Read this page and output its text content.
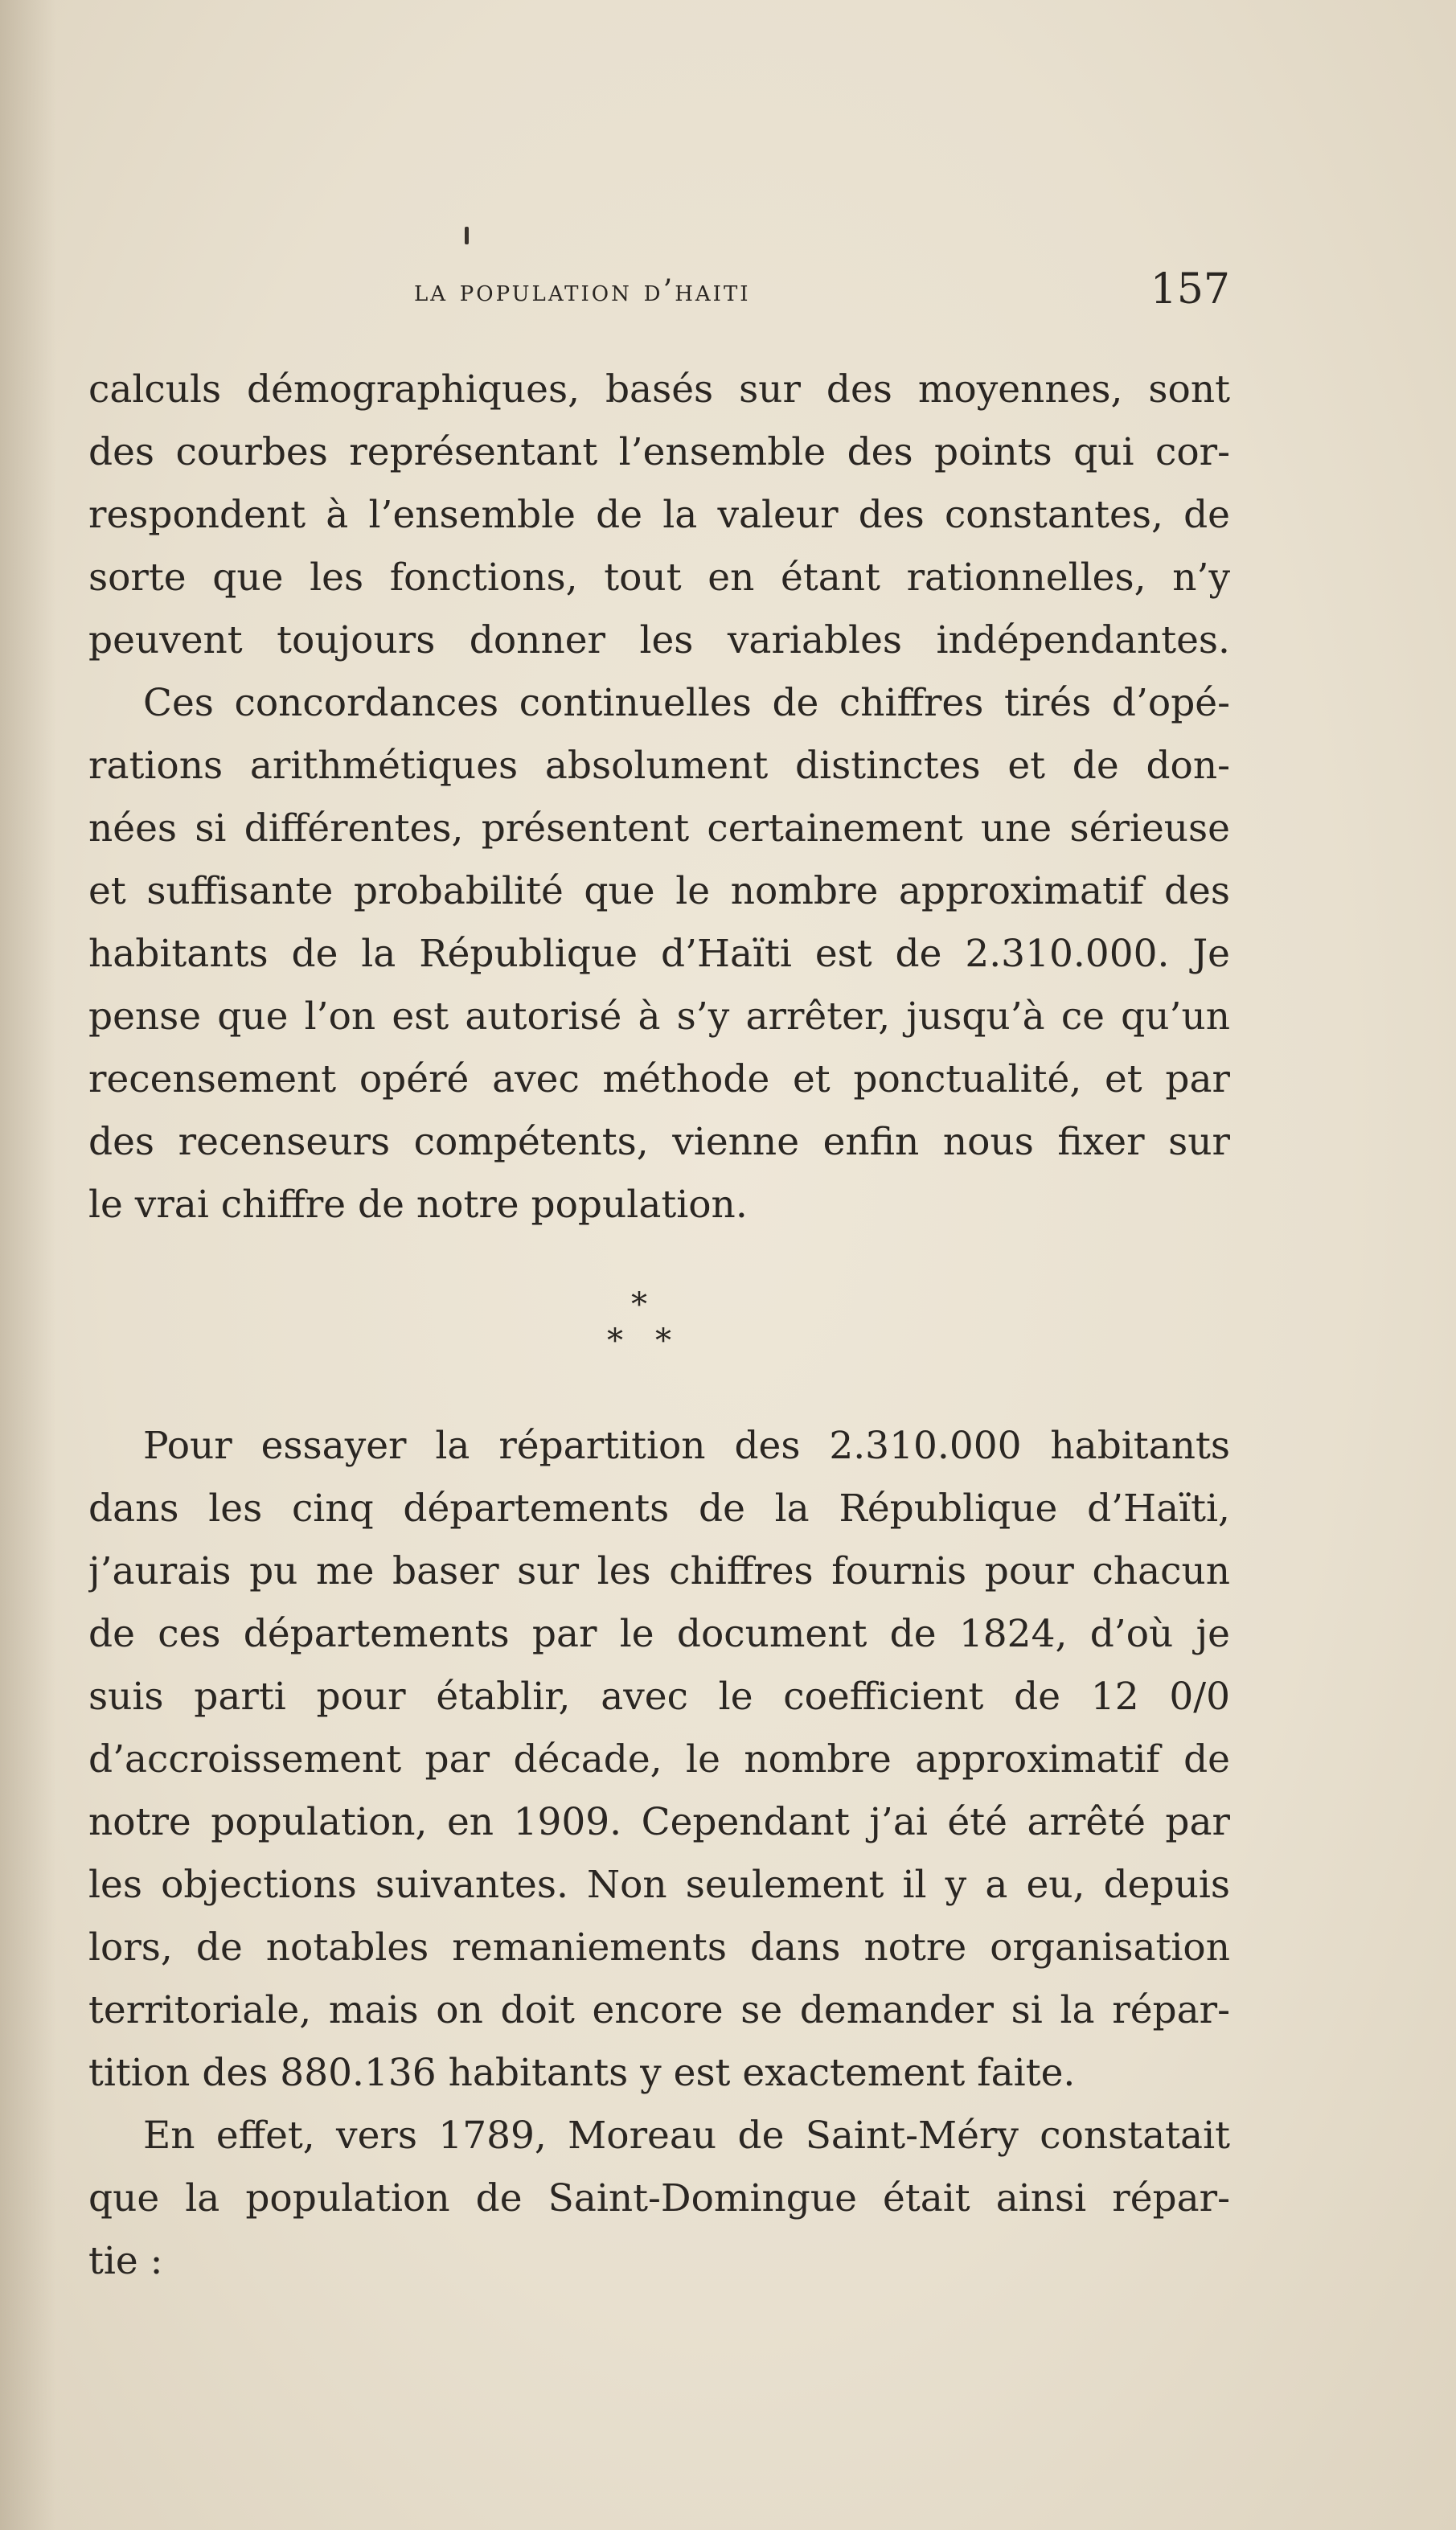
la population d’haiti	157
calculs démographiques, basés sur des moyennes, sont
des courbes représentant l’ensemble des points qui cor-
respondent à l’ensemble de la valeur des constantes, de
sorte que les fonctions, tout en étant rationnelles, n’y
peuvent toujours donner les variables indépendantes.
Ces concordances continuelles de chiffres tirés d’opé-
rations arithmétiques absolument distinctes et de don-
nées si différentes, présentent certainement une sérieuse
et suffisante probabilité que le nombre approximatif des
habitants de la République d’Haïti est de 2.310.000. Je
pense que l’on est autorisé à s’y arrêter, jusqu’à ce qu’un
recensement opéré avec méthode et ponctualité, et par
des recenseurs compétents, vienne enfin nous fixer sur
le vrai chiffre de notre population.
*
* *
Pour essayer la répartition des 2.310.000 habitants
dans les cinq départements de la République d’Haïti,
j’aurais pu me baser sur les chiffres fournis pour chacun
de ces départements par le document de 1824, d’où je
suis parti pour établir, avec le coefficient de 12 0/0
d’accroissement par décade, le nombre approximatif de
notre population, en 1909. Cependant j’ai été arrêté par
les objections suivantes. Non seulement il y a eu, depuis
lors, de notables remaniements dans notre organisation
territoriale, mais on doit encore se demander si la répar-
tition des 880.136 habitants y est exactement faite.
En effet, vers 1789, Moreau de Saint-Méry constatait
que la population de Saint-Domingue était ainsi répar-
tie :
